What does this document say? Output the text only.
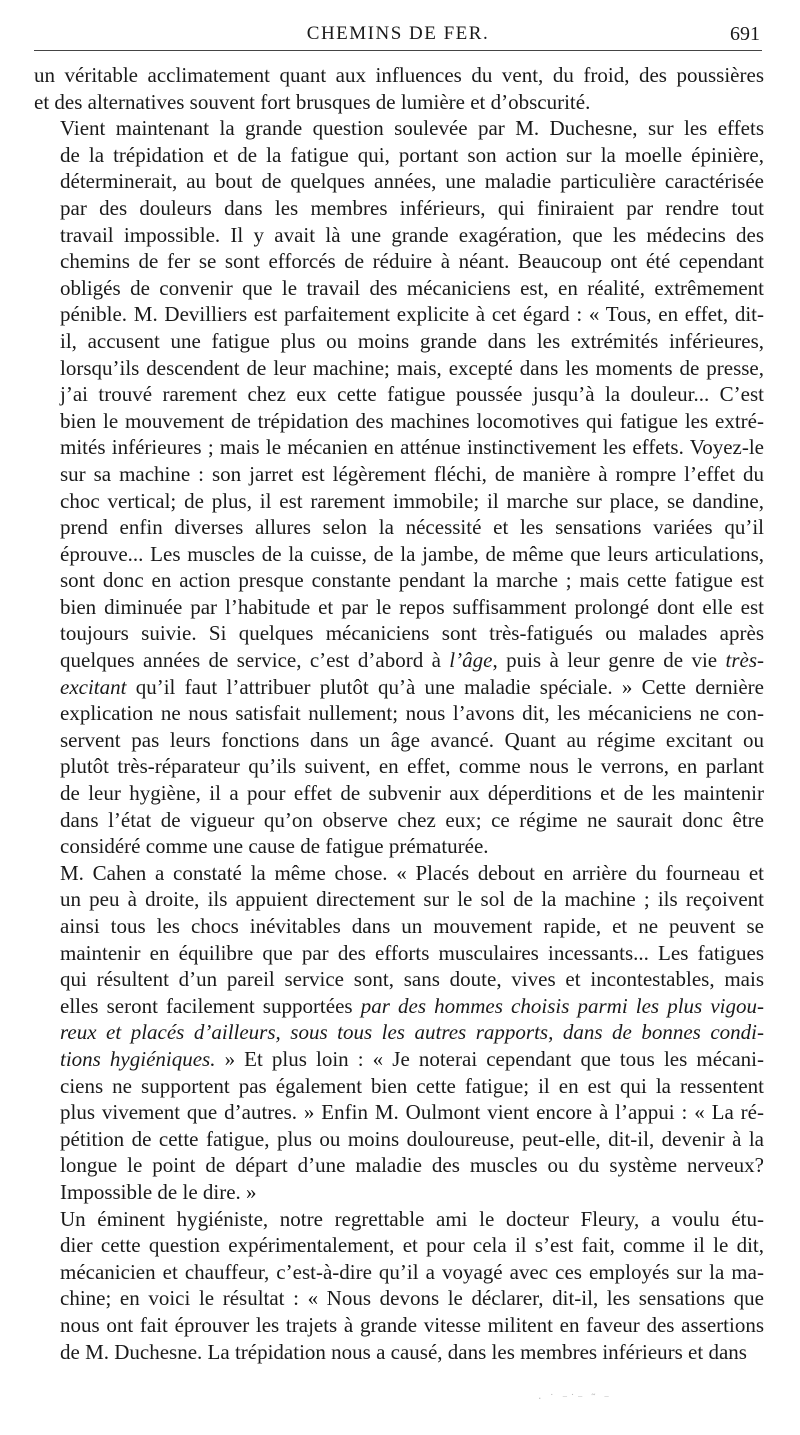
CHEMINS DE FER.	691

un véritable acclimatement quant aux influences du vent, du froid, des poussières
et des alternatives souvent fort brusques de lumière et d’obscurité.

Vient maintenant la grande question soulevée par M. Duchesne, sur les effets
de la trépidation et de la fatigue qui, portant son action sur la moelle épinière,
déterminerait, au bout de quelques années, une maladie particulière caractérisée
par des douleurs dans les membres inférieurs, qui finiraient par rendre tout
travail impossible. Il y avait là une grande exagération, que les médecins des
chemins de fer se sont efforcés de réduire à néant. Beaucoup ont été cependant
obligés de convenir que le travail des mécaniciens est, en réalité, extrêmement
pénible. M. Devilliers est parfaitement explicite à cet égard : « Tous, en effet, dit-
il, accusent une fatigue plus ou moins grande dans les extrémités inférieures,
lorsqu’ils descendent de leur machine; mais, excepté dans les moments de presse,
j’ai trouvé rarement chez eux cette fatigue poussée jusqu’à la douleur... C’est
bien le mouvement de trépidation des machines locomotives qui fatigue les extré-
mités inférieures ; mais le mécanien en atténue instinctivement les effets. Voyez-le
sur sa machine : son jarret est légèrement fléchi, de manière à rompre l’effet du
choc vertical; de plus, il est rarement immobile; il marche sur place, se dandine,
prend enfin diverses allures selon la nécessité et les sensations variées qu’il
éprouve... Les muscles de la cuisse, de la jambe, de même que leurs articulations,
sont donc en action presque constante pendant la marche ; mais cette fatigue est
bien diminuée par l’habitude et par le repos suffisamment prolongé dont elle est
toujours suivie. Si quelques mécaniciens sont très-fatigués ou malades après
quelques années de service, c’est d’abord à l’âge, puis à leur genre de vie très-
excitant qu’il faut l’attribuer plutôt qu’à une maladie spéciale. » Cette dernière
explication ne nous satisfait nullement; nous l’avons dit, les mécaniciens ne con-
servent pas leurs fonctions dans un âge avancé. Quant au régime excitant ou
plutôt très-réparateur qu’ils suivent, en effet, comme nous le verrons, en parlant
de leur hygiène, il a pour effet de subvenir aux déperditions et de les maintenir
dans l’état de vigueur qu’on observe chez eux; ce régime ne saurait donc être
considéré comme une cause de fatigue prématurée.

M. Cahen a constaté la même chose. « Placés debout en arrière du fourneau et
un peu à droite, ils appuient directement sur le sol de la machine ; ils reçoivent
ainsi tous les chocs inévitables dans un mouvement rapide, et ne peuvent se
maintenir en équilibre que par des efforts musculaires incessants... Les fatigues
qui résultent d’un pareil service sont, sans doute, vives et incontestables, mais
elles seront facilement supportées par des hommes choisis parmi les plus vigou-
reux et placés d’ailleurs, sous tous les autres rapports, dans de bonnes condi-
tions hygiéniques. » Et plus loin : « Je noterai cependant que tous les mécani-
ciens ne supportent pas également bien cette fatigue; il en est qui la ressentent
plus vivement que d’autres. » Enfin M. Oulmont vient encore à l’appui : « La ré-
pétition de cette fatigue, plus ou moins douloureuse, peut-elle, dit-il, devenir à la
longue le point de départ d’une maladie des muscles ou du système nerveux?
Impossible de le dire. »

Un éminent hygiéniste, notre regrettable ami le docteur Fleury, a voulu étu-
dier cette question expérimentalement, et pour cela il s’est fait, comme il le dit,
mécanicien et chauffeur, c’est-à-dire qu’il a voyagé avec ces employés sur la ma-
chine; en voici le résultat : « Nous devons le déclarer, dit-il, les sensations que
nous ont fait éprouver les trajets à grande vitesse militent en faveur des assertions
de M. Duchesne. La trépidation nous a causé, dans les membres inférieurs et dans

· ˙ ⁻˙⁻ ˜ ⁻
